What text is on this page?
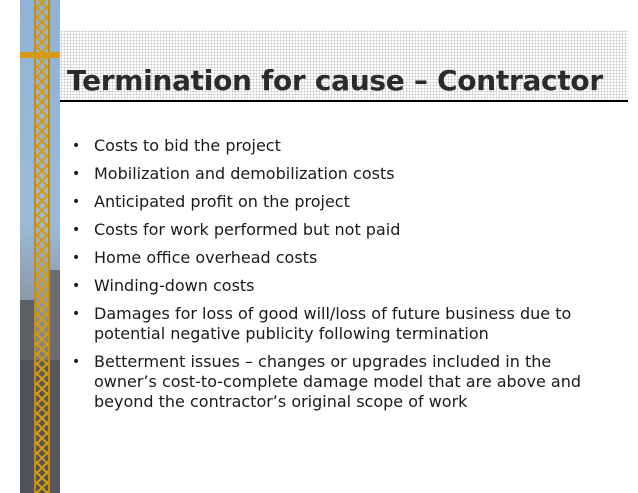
Termination for cause – Contractor
• Costs to bid the project
• Mobilization and demobilization costs
• Anticipated profit on the project
• Costs for work performed but not paid
• Home office overhead costs
• Winding-down costs
• Damages for loss of good will/loss of future business due to potential negative publicity following termination
• Betterment issues – changes or upgrades included in the owner’s cost-to-complete damage model that are above and beyond the contractor’s original scope of work
